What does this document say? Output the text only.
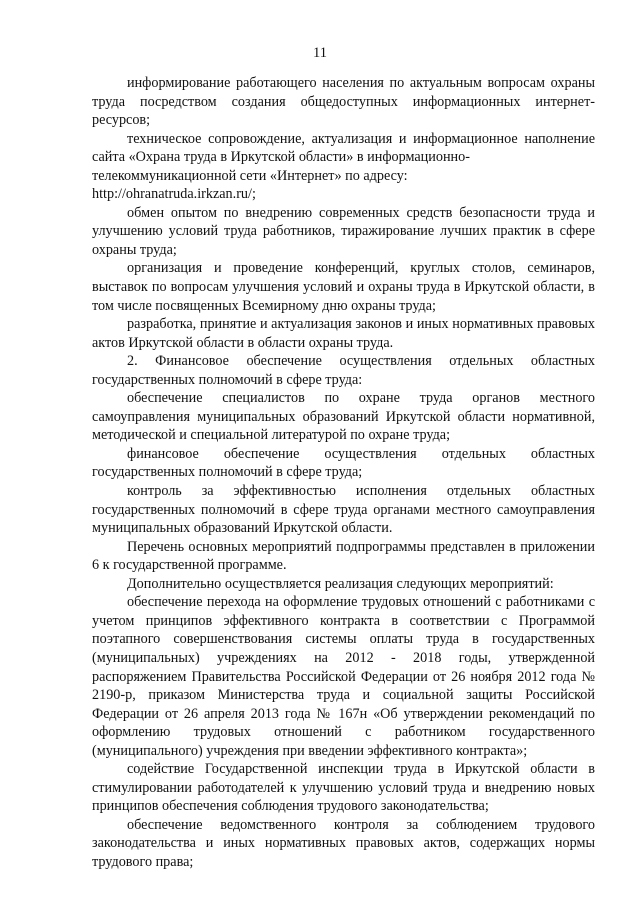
11

информирование работающего населения по актуальным вопросам охраны труда посредством создания общедоступных информационных интернет-ресурсов;

техническое сопровождение, актуализация и информационное наполнение сайта «Охрана труда в Иркутской области» в информационно-
телекоммуникационной сети «Интернет» по адресу:
http://ohranatruda.irkzan.ru/;

обмен опытом по внедрению современных средств безопасности труда и улучшению условий труда работников, тиражирование лучших практик в сфере охраны труда;

организация и проведение конференций, круглых столов, семинаров, выставок по вопросам улучшения условий и охраны труда в Иркутской области, в том числе посвященных Всемирному дню охраны труда;

разработка, принятие и актуализация законов и иных нормативных правовых актов Иркутской области в области охраны труда.

2. Финансовое обеспечение осуществления отдельных областных государственных полномочий в сфере труда:

обеспечение специалистов по охране труда органов местного самоуправления муниципальных образований Иркутской области нормативной, методической и специальной литературой по охране труда;

финансовое обеспечение осуществления отдельных областных государственных полномочий в сфере труда;

контроль за эффективностью исполнения отдельных областных государственных полномочий в сфере труда органами местного самоуправления муниципальных образований Иркутской области.

Перечень основных мероприятий подпрограммы представлен в приложении 6 к государственной программе.

Дополнительно осуществляется реализация следующих мероприятий:

обеспечение перехода на оформление трудовых отношений с работниками с учетом принципов эффективного контракта в соответствии с Программой поэтапного совершенствования системы оплаты труда в государственных (муниципальных) учреждениях на 2012 - 2018 годы, утвержденной распоряжением Правительства Российской Федерации от 26 ноября 2012 года № 2190-р, приказом Министерства труда и социальной защиты Российской Федерации от 26 апреля 2013 года № 167н «Об утверждении рекомендаций по оформлению трудовых отношений с работником государственного (муниципального) учреждения при введении эффективного контракта»;

содействие Государственной инспекции труда в Иркутской области в стимулировании работодателей к улучшению условий труда и внедрению новых принципов обеспечения соблюдения трудового законодательства;

обеспечение ведомственного контроля за соблюдением трудового законодательства и иных нормативных правовых актов, содержащих нормы трудового права;
